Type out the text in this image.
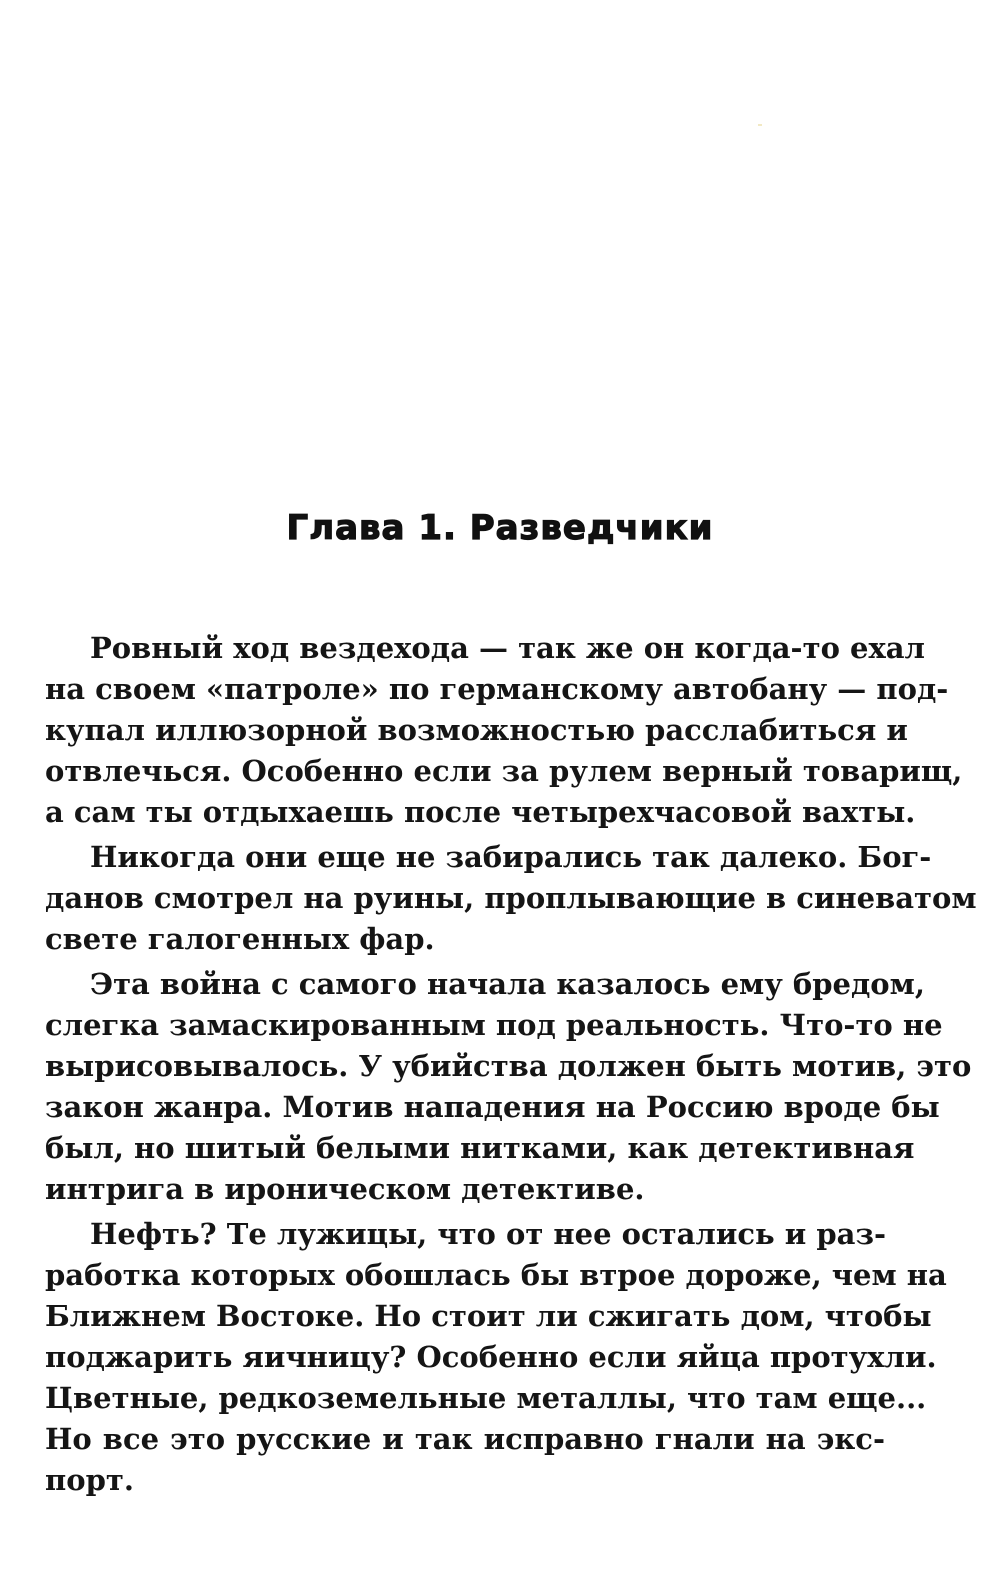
Глава 1. Разведчики

Ровный ход вездехода — так же он когда-то ехал
на своем «патроле» по германскому автобану — под-
купал иллюзорной возможностью расслабиться и
отвлечься. Особенно если за рулем верный товарищ,
а сам ты отдыхаешь после четырехчасовой вахты.

Никогда они еще не забирались так далеко. Бог-
данов смотрел на руины, проплывающие в синеватом
свете галогенных фар.

Эта война с самого начала казалось ему бредом,
слегка замаскированным под реальность. Что-то не
вырисовывалось. У убийства должен быть мотив, это
закон жанра. Мотив нападения на Россию вроде бы
был, но шитый белыми нитками, как детективная
интрига в ироническом детективе.

Нефть? Те лужицы, что от нее остались и раз-
работка которых обошлась бы втрое дороже, чем на
Ближнем Востоке. Но стоит ли сжигать дом, чтобы
поджарить яичницу? Особенно если яйца протухли.
Цветные, редкоземельные металлы, что там еще...
Но все это русские и так исправно гнали на экс-
порт.
